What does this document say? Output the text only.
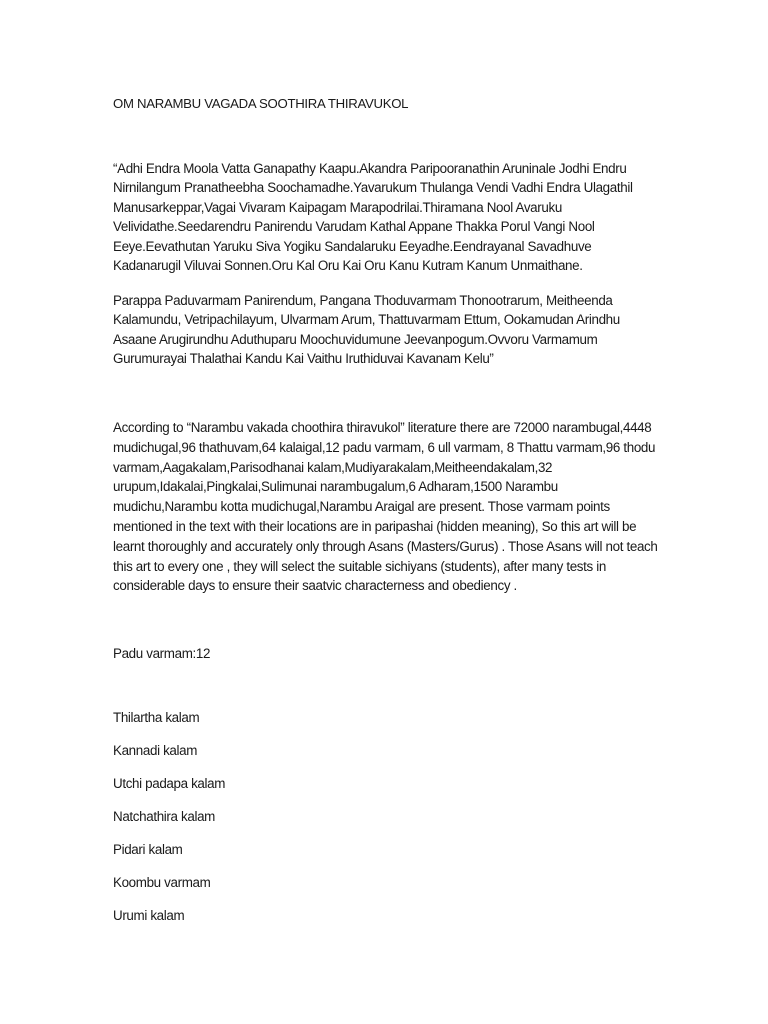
OM NARAMBU VAGADA SOOTHIRA THIRAVUKOL

“Adhi Endra Moola Vatta Ganapathy Kaapu.Akandra Paripooranathin Aruninale Jodhi Endru Nirnilangum Pranatheebha Soochamadhe.Yavarukum Thulanga Vendi Vadhi Endra Ulagathil Manusarkeppar,Vagai Vivaram Kaipagam Marapodrilai.Thiramana Nool Avaruku Velividathe.Seedarendru Panirendu Varudam Kathal Appane Thakka Porul Vangi Nool Eeye.Eevathutan Yaruku Siva Yogiku Sandalaruku Eeyadhe.Eendrayanal Savadhuve Kadanarugil Viluvai Sonnen.Oru Kal Oru Kai Oru Kanu Kutram Kanum Unmaithane.

Parappa Paduvarmam Panirendum, Pangana Thoduvarmam Thonootrarum, Meitheenda Kalamundu, Vetripachilayum, Ulvarmam Arum, Thattuvarmam Ettum, Ookamudan Arindhu Asaane Arugirundhu Aduthuparu Moochuvidumune Jeevanpogum.Ovvoru Varmamum Gurumurayai Thalathai Kandu Kai Vaithu Iruthiduvai Kavanam Kelu”

According to “Narambu vakada choothira thiravukol” literature there are 72000 narambugal,4448 mudichugal,96 thathuvam,64 kalaigal,12 padu varmam, 6 ull varmam, 8 Thattu varmam,96 thodu varmam,Aagakalam,Parisodhanai kalam,Mudiyarakalam,Meitheendakalam,32 urupum,Idakalai,Pingkalai,Sulimunai narambugalum,6 Adharam,1500 Narambu mudichu,Narambu kotta mudichugal,Narambu Araigal are present. Those varmam points mentioned in the text with their locations are in paripashai (hidden meaning), So this art will be learnt thoroughly and accurately only through Asans (Masters/Gurus) . Those Asans will not teach this art to every one , they will select the suitable sichiyans (students), after many tests in considerable days to ensure their saatvic characterness and obediency .

Padu varmam:12

Thilartha kalam
Kannadi kalam
Utchi padapa kalam
Natchathira kalam
Pidari kalam
Koombu varmam
Urumi kalam
